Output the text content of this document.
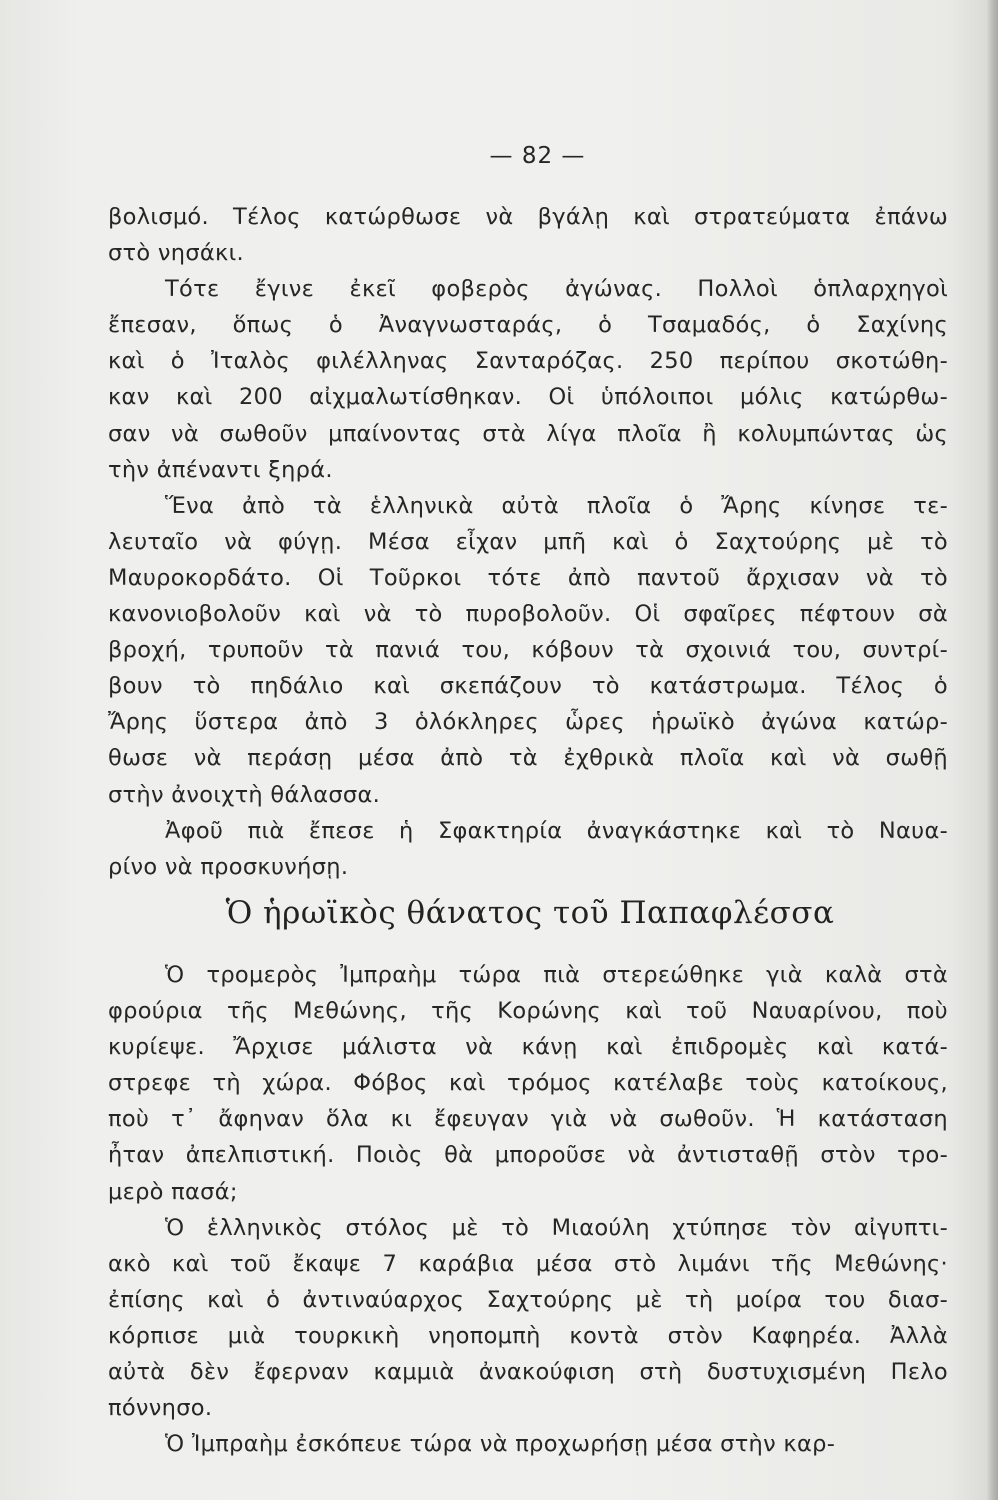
— 82 —
βολισμό. Τέλος κατώρθωσε νὰ βγάλῃ καὶ στρατεύματα ἐπάνω
στὸ νησάκι.
Τότε ἔγινε ἐκεῖ φοβερὸς ἀγώνας. Πολλοὶ ὁπλαρχηγοὶ
ἔπεσαν, ὅπως ὁ Ἀναγνωσταράς, ὁ Τσαμαδός, ὁ Σαχίνης
καὶ ὁ Ἰταλὸς φιλέλληνας Σανταρόζας. 250 περίπου σκοτώθη-
καν καὶ 200 αἰχμαλωτίσθηκαν. Οἱ ὑπόλοιποι μόλις κατώρθω-
σαν νὰ σωθοῦν μπαίνοντας στὰ λίγα πλοῖα ἢ κολυμπώντας ὡς
τὴν ἀπέναντι ξηρά.
Ἕνα ἀπὸ τὰ ἑλληνικὰ αὐτὰ πλοῖα ὁ Ἄρης κίνησε τε-
λευταῖο νὰ φύγῃ. Μέσα εἶχαν μπῆ καὶ ὁ Σαχτούρης μὲ τὸ
Μαυροκορδάτο. Οἱ Τοῦρκοι τότε ἀπὸ παντοῦ ἄρχισαν νὰ τὸ
κανονιοβολοῦν καὶ νὰ τὸ πυροβολοῦν. Οἱ σφαῖρες πέφτουν σὰ
βροχή, τρυποῦν τὰ πανιά του, κόβουν τὰ σχοινιά του, συντρί-
βουν τὸ πηδάλιο καὶ σκεπάζουν τὸ κατάστρωμα. Τέλος ὁ
Ἄρης ὕστερα ἀπὸ 3 ὁλόκληρες ὧρες ἡρωϊκὸ ἀγώνα κατώρ-
θωσε νὰ περάσῃ μέσα ἀπὸ τὰ ἐχθρικὰ πλοῖα καὶ νὰ σωθῇ
στὴν ἀνοιχτὴ θάλασσα.
Ἀφοῦ πιὰ ἔπεσε ἡ Σφακτηρία ἀναγκάστηκε καὶ τὸ Ναυα-
ρίνο νὰ προσκυνήσῃ.
Ὁ ἡρωϊκὸς θάνατος τοῦ Παπαφλέσσα
Ὁ τρομερὸς Ἰμπραὴμ τώρα πιὰ στερεώθηκε γιὰ καλὰ στὰ
φρούρια τῆς Μεθώνης, τῆς Κορώνης καὶ τοῦ Ναυαρίνου, ποὺ
κυρίεψε. Ἄρχισε μάλιστα νὰ κάνῃ καὶ ἐπιδρομὲς καὶ κατά-
στρεφε τὴ χώρα. Φόβος καὶ τρόμος κατέλαβε τοὺς κατοίκους,
ποὺ τ᾽ ἄφηναν ὅλα κι ἔφευγαν γιὰ νὰ σωθοῦν. Ἡ κατάσταση
ἦταν ἀπελπιστική. Ποιὸς θὰ μποροῦσε νὰ ἀντισταθῇ στὸν τρο-
μερὸ πασά;
Ὁ ἑλληνικὸς στόλος μὲ τὸ Μιαούλη χτύπησε τὸν αἰγυπτι-
ακὸ καὶ τοῦ ἔκαψε 7 καράβια μέσα στὸ λιμάνι τῆς Μεθώνης·
ἐπίσης καὶ ὁ ἀντιναύαρχος Σαχτούρης μὲ τὴ μοίρα του διασ-
κόρπισε μιὰ τουρκικὴ νηοπομπὴ κοντὰ στὸν Καφηρέα. Ἀλλὰ
αὐτὰ δὲν ἔφερναν καμμιὰ ἀνακούφιση στὴ δυστυχισμένη Πελο
πόννησο.
Ὁ Ἰμπραὴμ ἐσκόπευε τώρα νὰ προχωρήσῃ μέσα στὴν καρ-
